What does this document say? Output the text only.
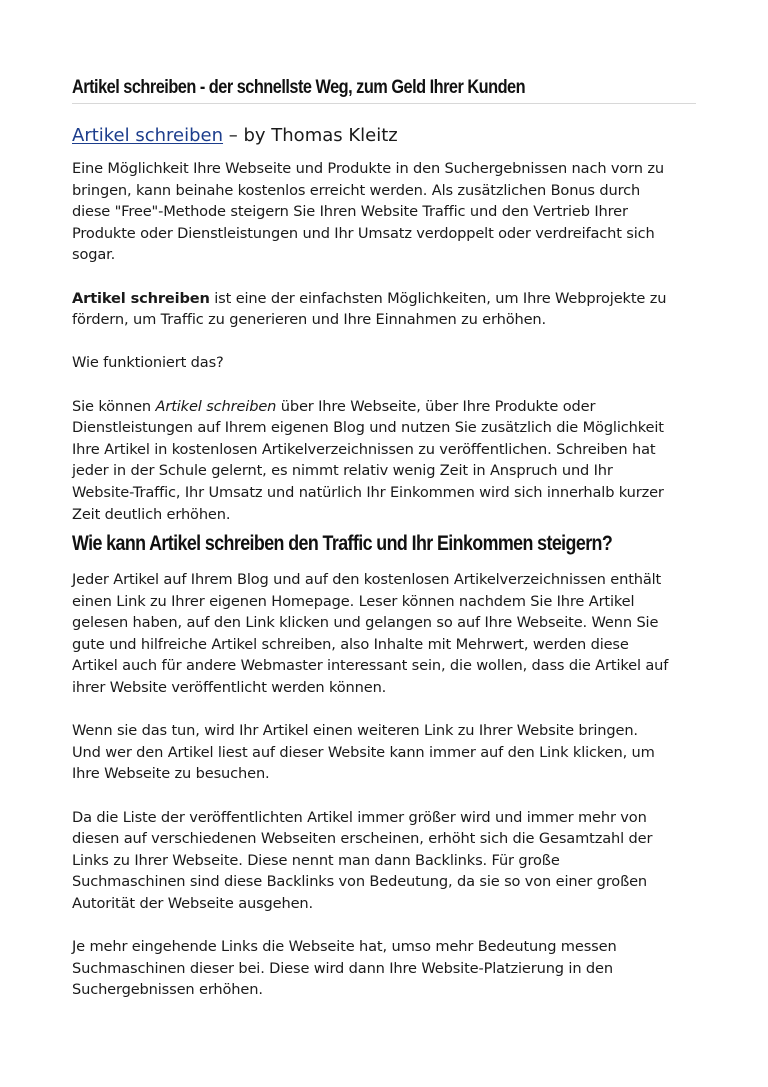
Artikel schreiben - der schnellste Weg, zum Geld Ihrer Kunden
Artikel schreiben – by Thomas Kleitz

Eine Möglichkeit Ihre Webseite und Produkte in den Suchergebnissen nach vorn zu

bringen, kann beinahe kostenlos erreicht werden. Als zusätzlichen Bonus durch

diese "Free"-Methode steigern Sie Ihren Website Traffic und den Vertrieb Ihrer

Produkte oder Dienstleistungen und Ihr Umsatz verdoppelt oder verdreifacht sich

sogar.

Artikel schreiben ist eine der einfachsten Möglichkeiten, um Ihre Webprojekte zu

fördern, um Traffic zu generieren und Ihre Einnahmen zu erhöhen.

Wie funktioniert das?

Sie können Artikel schreiben über Ihre Webseite, über Ihre Produkte oder

Dienstleistungen auf Ihrem eigenen Blog und nutzen Sie zusätzlich die Möglichkeit

Ihre Artikel in kostenlosen Artikelverzeichnissen zu veröffentlichen. Schreiben hat

jeder in der Schule gelernt, es nimmt relativ wenig Zeit in Anspruch und Ihr

Website-Traffic, Ihr Umsatz und natürlich Ihr Einkommen wird sich innerhalb kurzer

Zeit deutlich erhöhen.

Wie kann Artikel schreiben den Traffic und Ihr Einkommen steigern?

Jeder Artikel auf Ihrem Blog und auf den kostenlosen Artikelverzeichnissen enthält

einen Link zu Ihrer eigenen Homepage. Leser können nachdem Sie Ihre Artikel

gelesen haben, auf den Link klicken und gelangen so auf Ihre Webseite. Wenn Sie

gute und hilfreiche Artikel schreiben, also Inhalte mit Mehrwert, werden diese

Artikel auch für andere Webmaster interessant sein, die wollen, dass die Artikel auf

ihrer Website veröffentlicht werden können.

Wenn sie das tun, wird Ihr Artikel einen weiteren Link zu Ihrer Website bringen.

Und wer den Artikel liest auf dieser Website kann immer auf den Link klicken, um

Ihre Webseite zu besuchen.

Da die Liste der veröffentlichten Artikel immer größer wird und immer mehr von

diesen auf verschiedenen Webseiten erscheinen, erhöht sich die Gesamtzahl der

Links zu Ihrer Webseite. Diese nennt man dann Backlinks. Für große

Suchmaschinen sind diese Backlinks von Bedeutung, da sie so von einer großen

Autorität der Webseite ausgehen.

Je mehr eingehende Links die Webseite hat, umso mehr Bedeutung messen

Suchmaschinen dieser bei. Diese wird dann Ihre Website-Platzierung in den

Suchergebnissen erhöhen.
